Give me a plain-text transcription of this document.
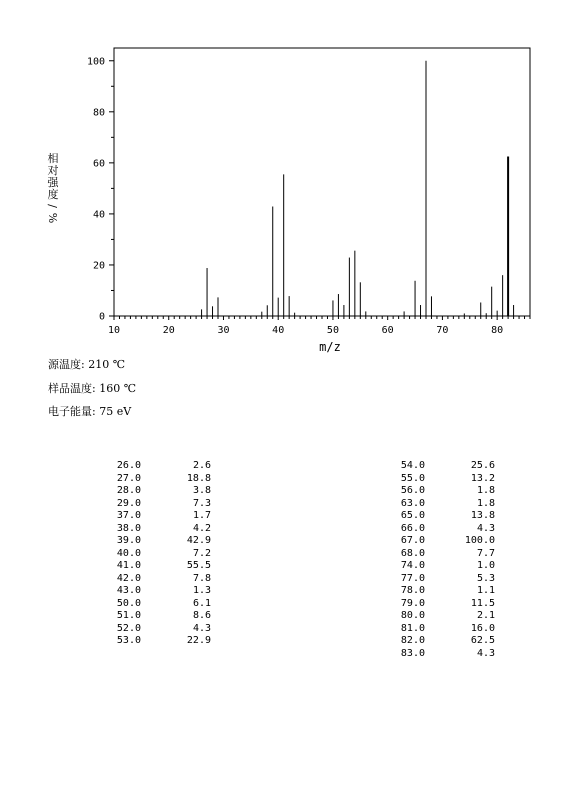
10	20	30	40	50	60	70	80
0
20
40
60
80
100
m/z
相
对
强
度
/
%
源温度: 210 ℃
样品温度: 160 ℃
电子能量: 75 eV
26.0	2.6
27.0	18.8
28.0	3.8
29.0	7.3
37.0	1.7
38.0	4.2
39.0	42.9
40.0	7.2
41.0	55.5
42.0	7.8
43.0	1.3
50.0	6.1
51.0	8.6
52.0	4.3
53.0	22.9
54.0	25.6
55.0	13.2
56.0	1.8
63.0	1.8
65.0	13.8
66.0	4.3
67.0	100.0
68.0	7.7
74.0	1.0
77.0	5.3
78.0	1.1
79.0	11.5
80.0	2.1
81.0	16.0
82.0	62.5
83.0	4.3
